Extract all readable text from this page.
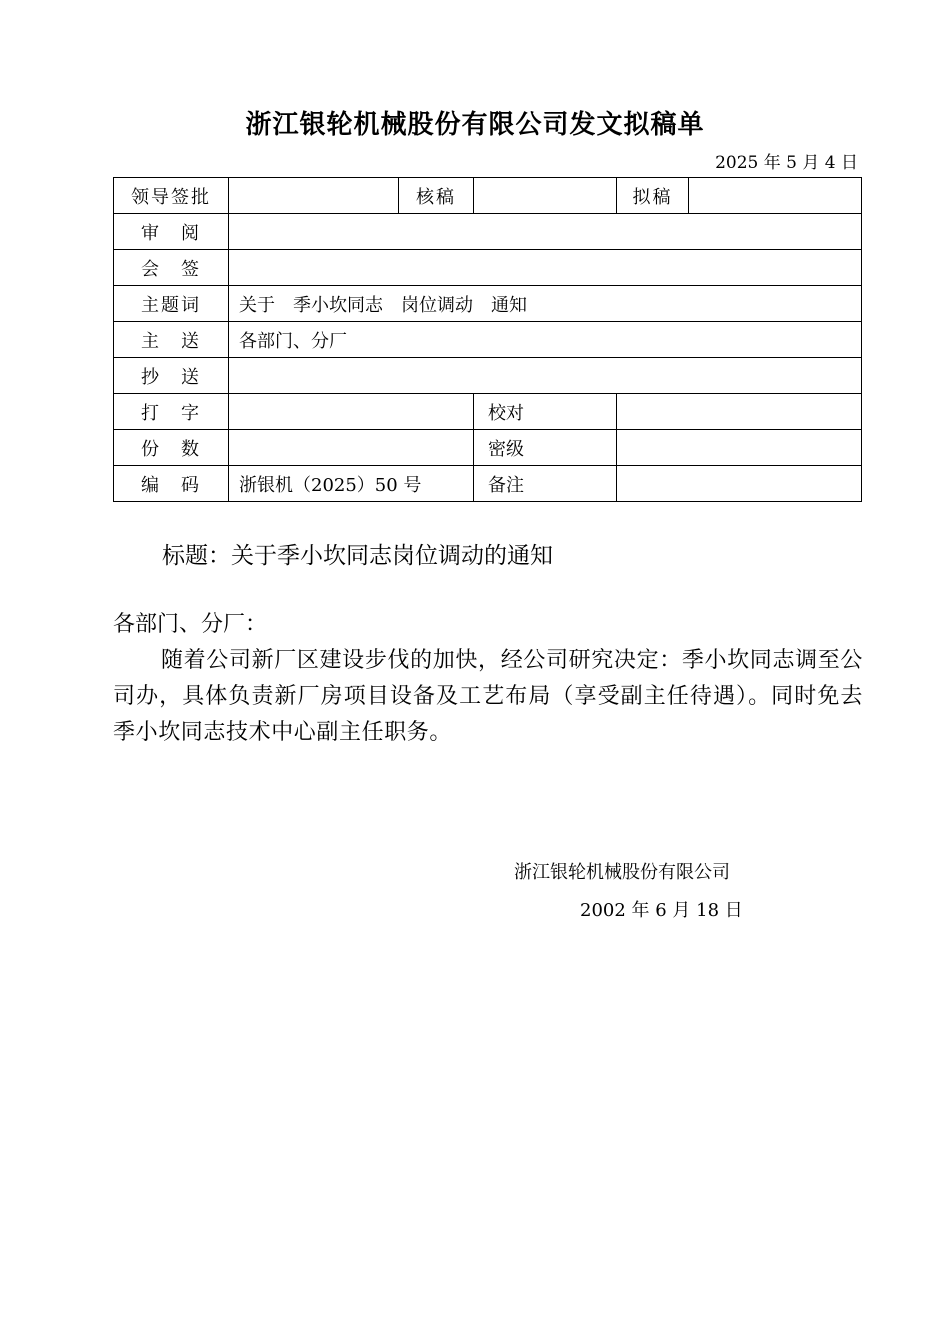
浙江银轮机械股份有限公司发文拟稿单
2025 年 5 月 4 日
领导签批		核稿		拟稿	
审　阅					
会　签					
主题词	关于　季小坎同志　岗位调动　通知				
主　送	各部门、分厂				
抄　送					
打　字			校对		
份　数			密级		
编　码	浙银机（2025）50 号		备注		
标题：关于季小坎同志岗位调动的通知

各部门、分厂：

随着公司新厂区建设步伐的加快，经公司研究决定：季小坎同志调至公司办，具体负责新厂房项目设备及工艺布局（享受副主任待遇）。同时免去季小坎同志技术中心副主任职务。

浙江银轮机械股份有限公司
2002 年 6 月 18 日
